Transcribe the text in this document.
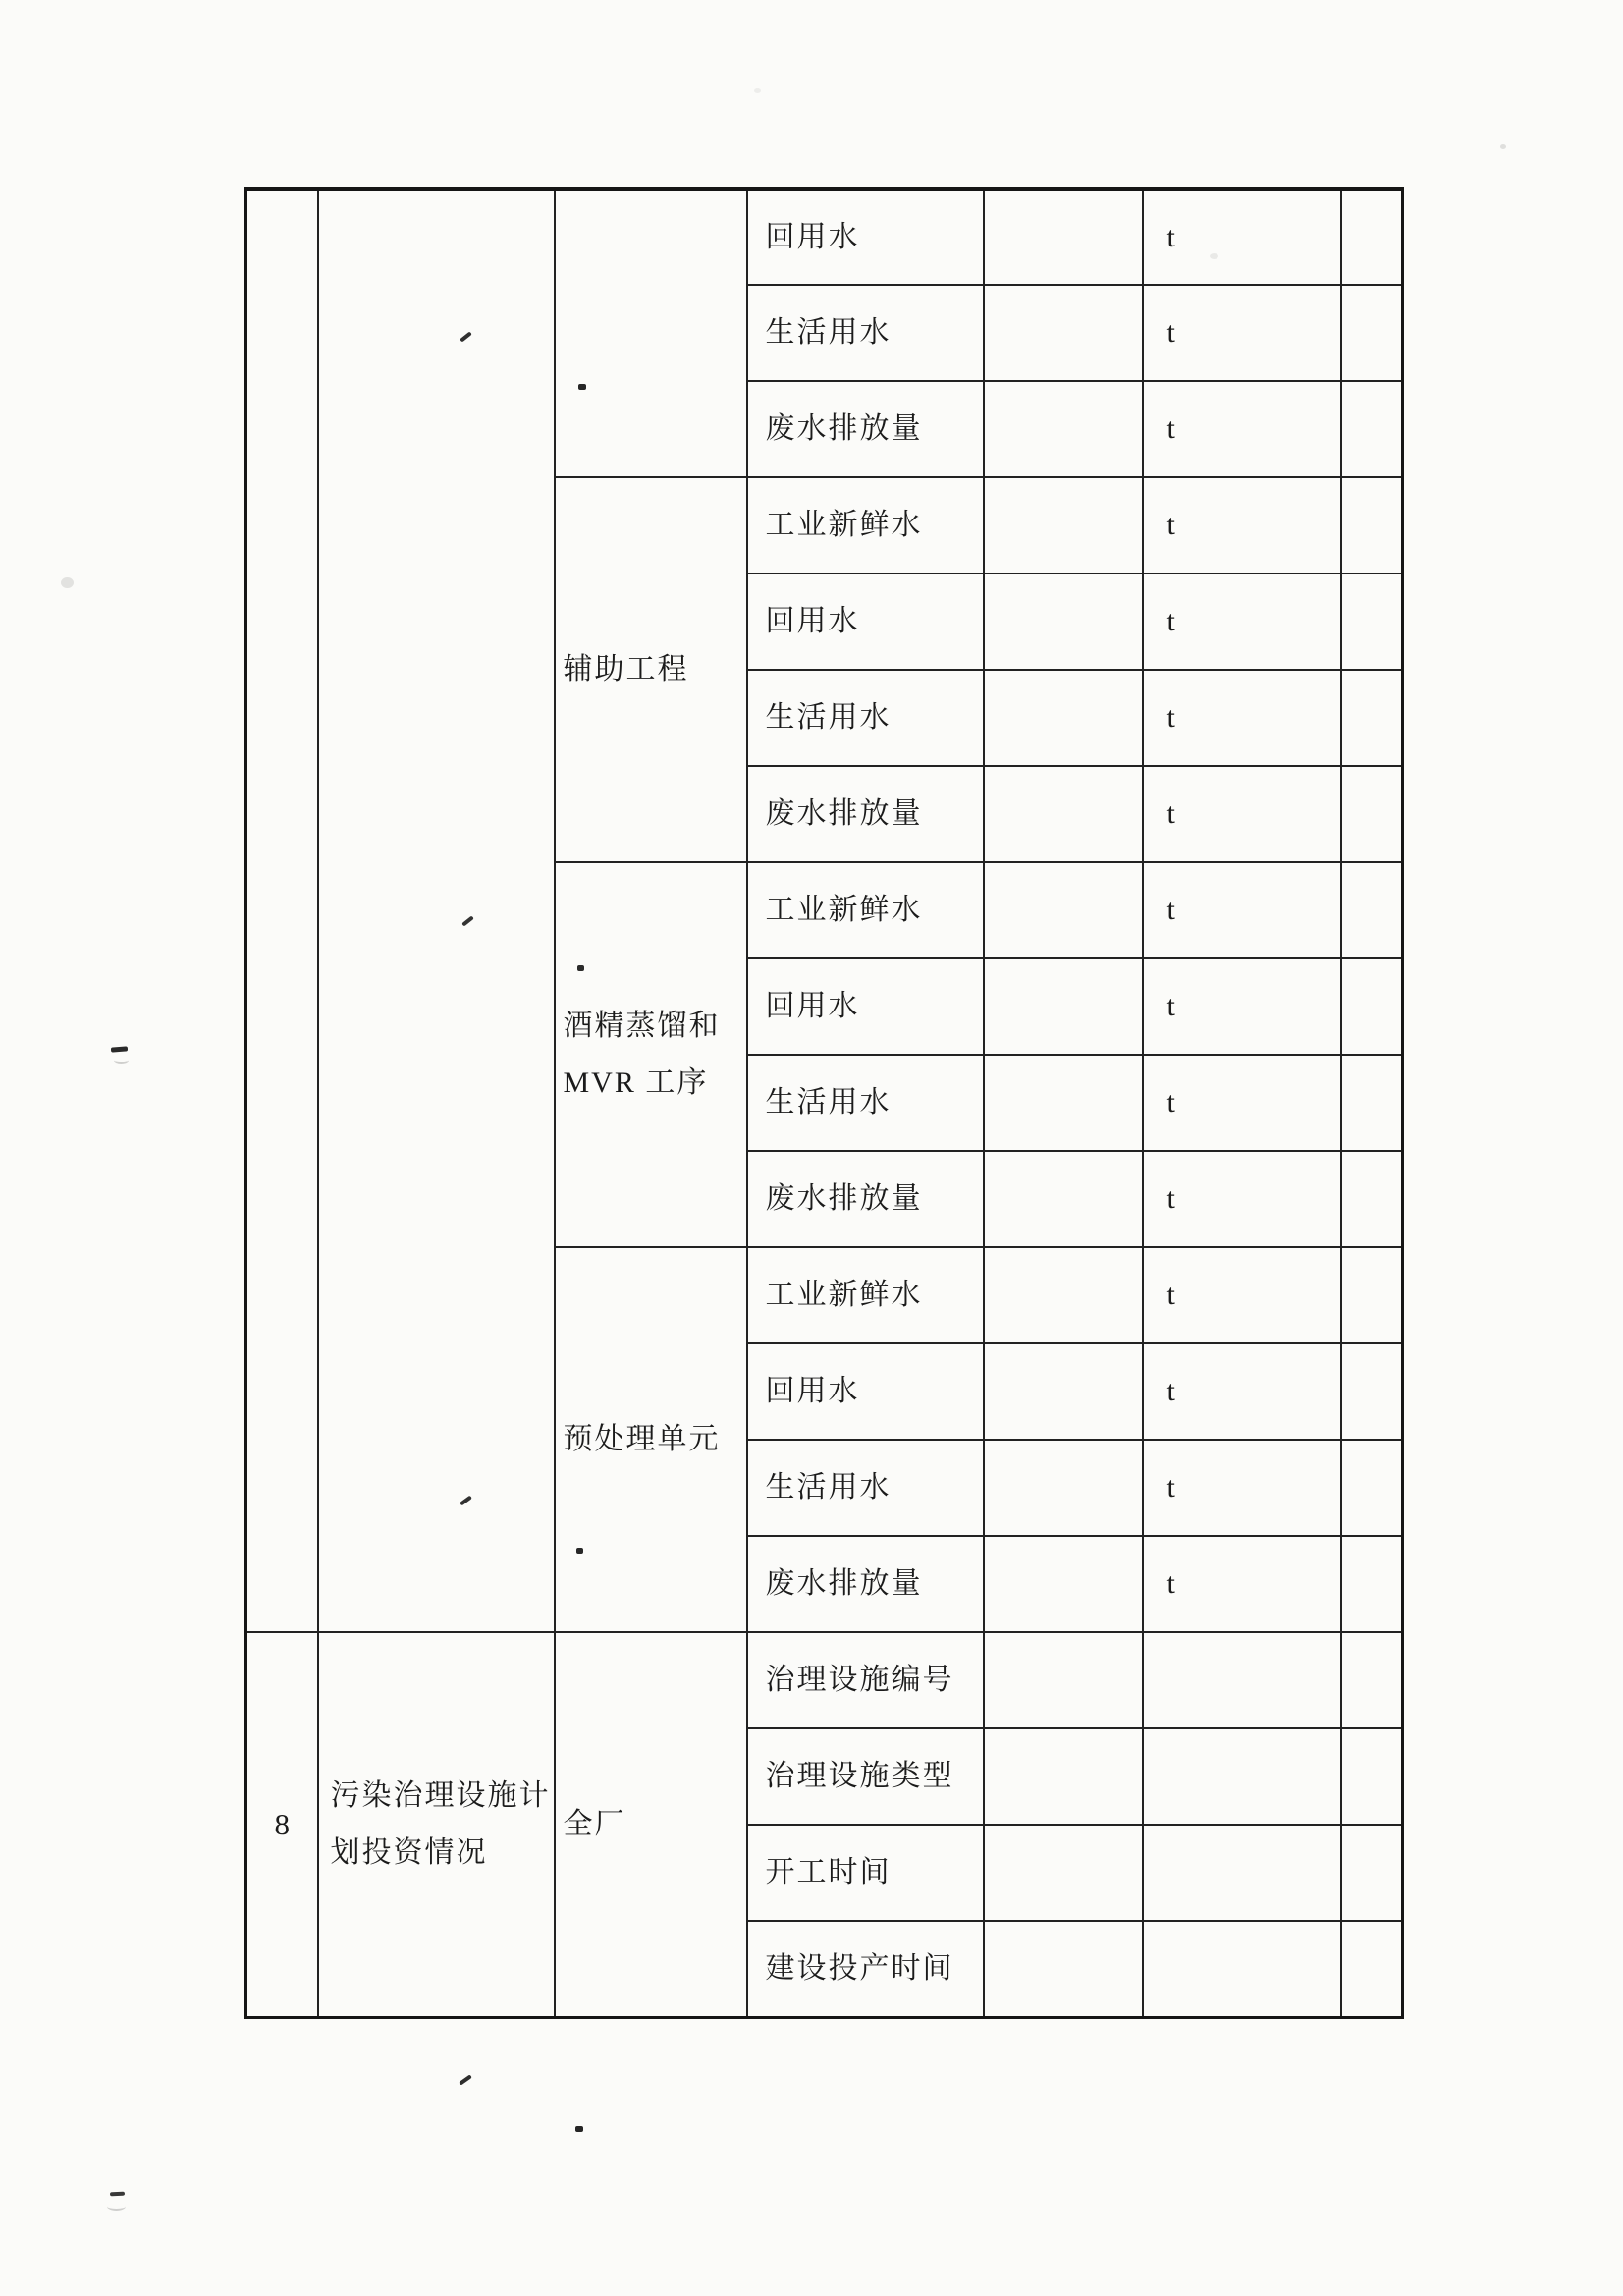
			回用水		t	
			生活用水		t	
			废水排放量		t	
		辅助工程	工业新鲜水		t	
			回用水		t	
			生活用水		t	
			废水排放量		t	
		酒精蒸馏和MVR 工序	工业新鲜水		t	
			回用水		t	
			生活用水		t	
			废水排放量		t	
		预处理单元	工业新鲜水		t	
			回用水		t	
			生活用水		t	
			废水排放量		t	
8	污染治理设施计划投资情况	全厂	治理设施编号			
			治理设施类型			
			开工时间			
			建设投产时间			
